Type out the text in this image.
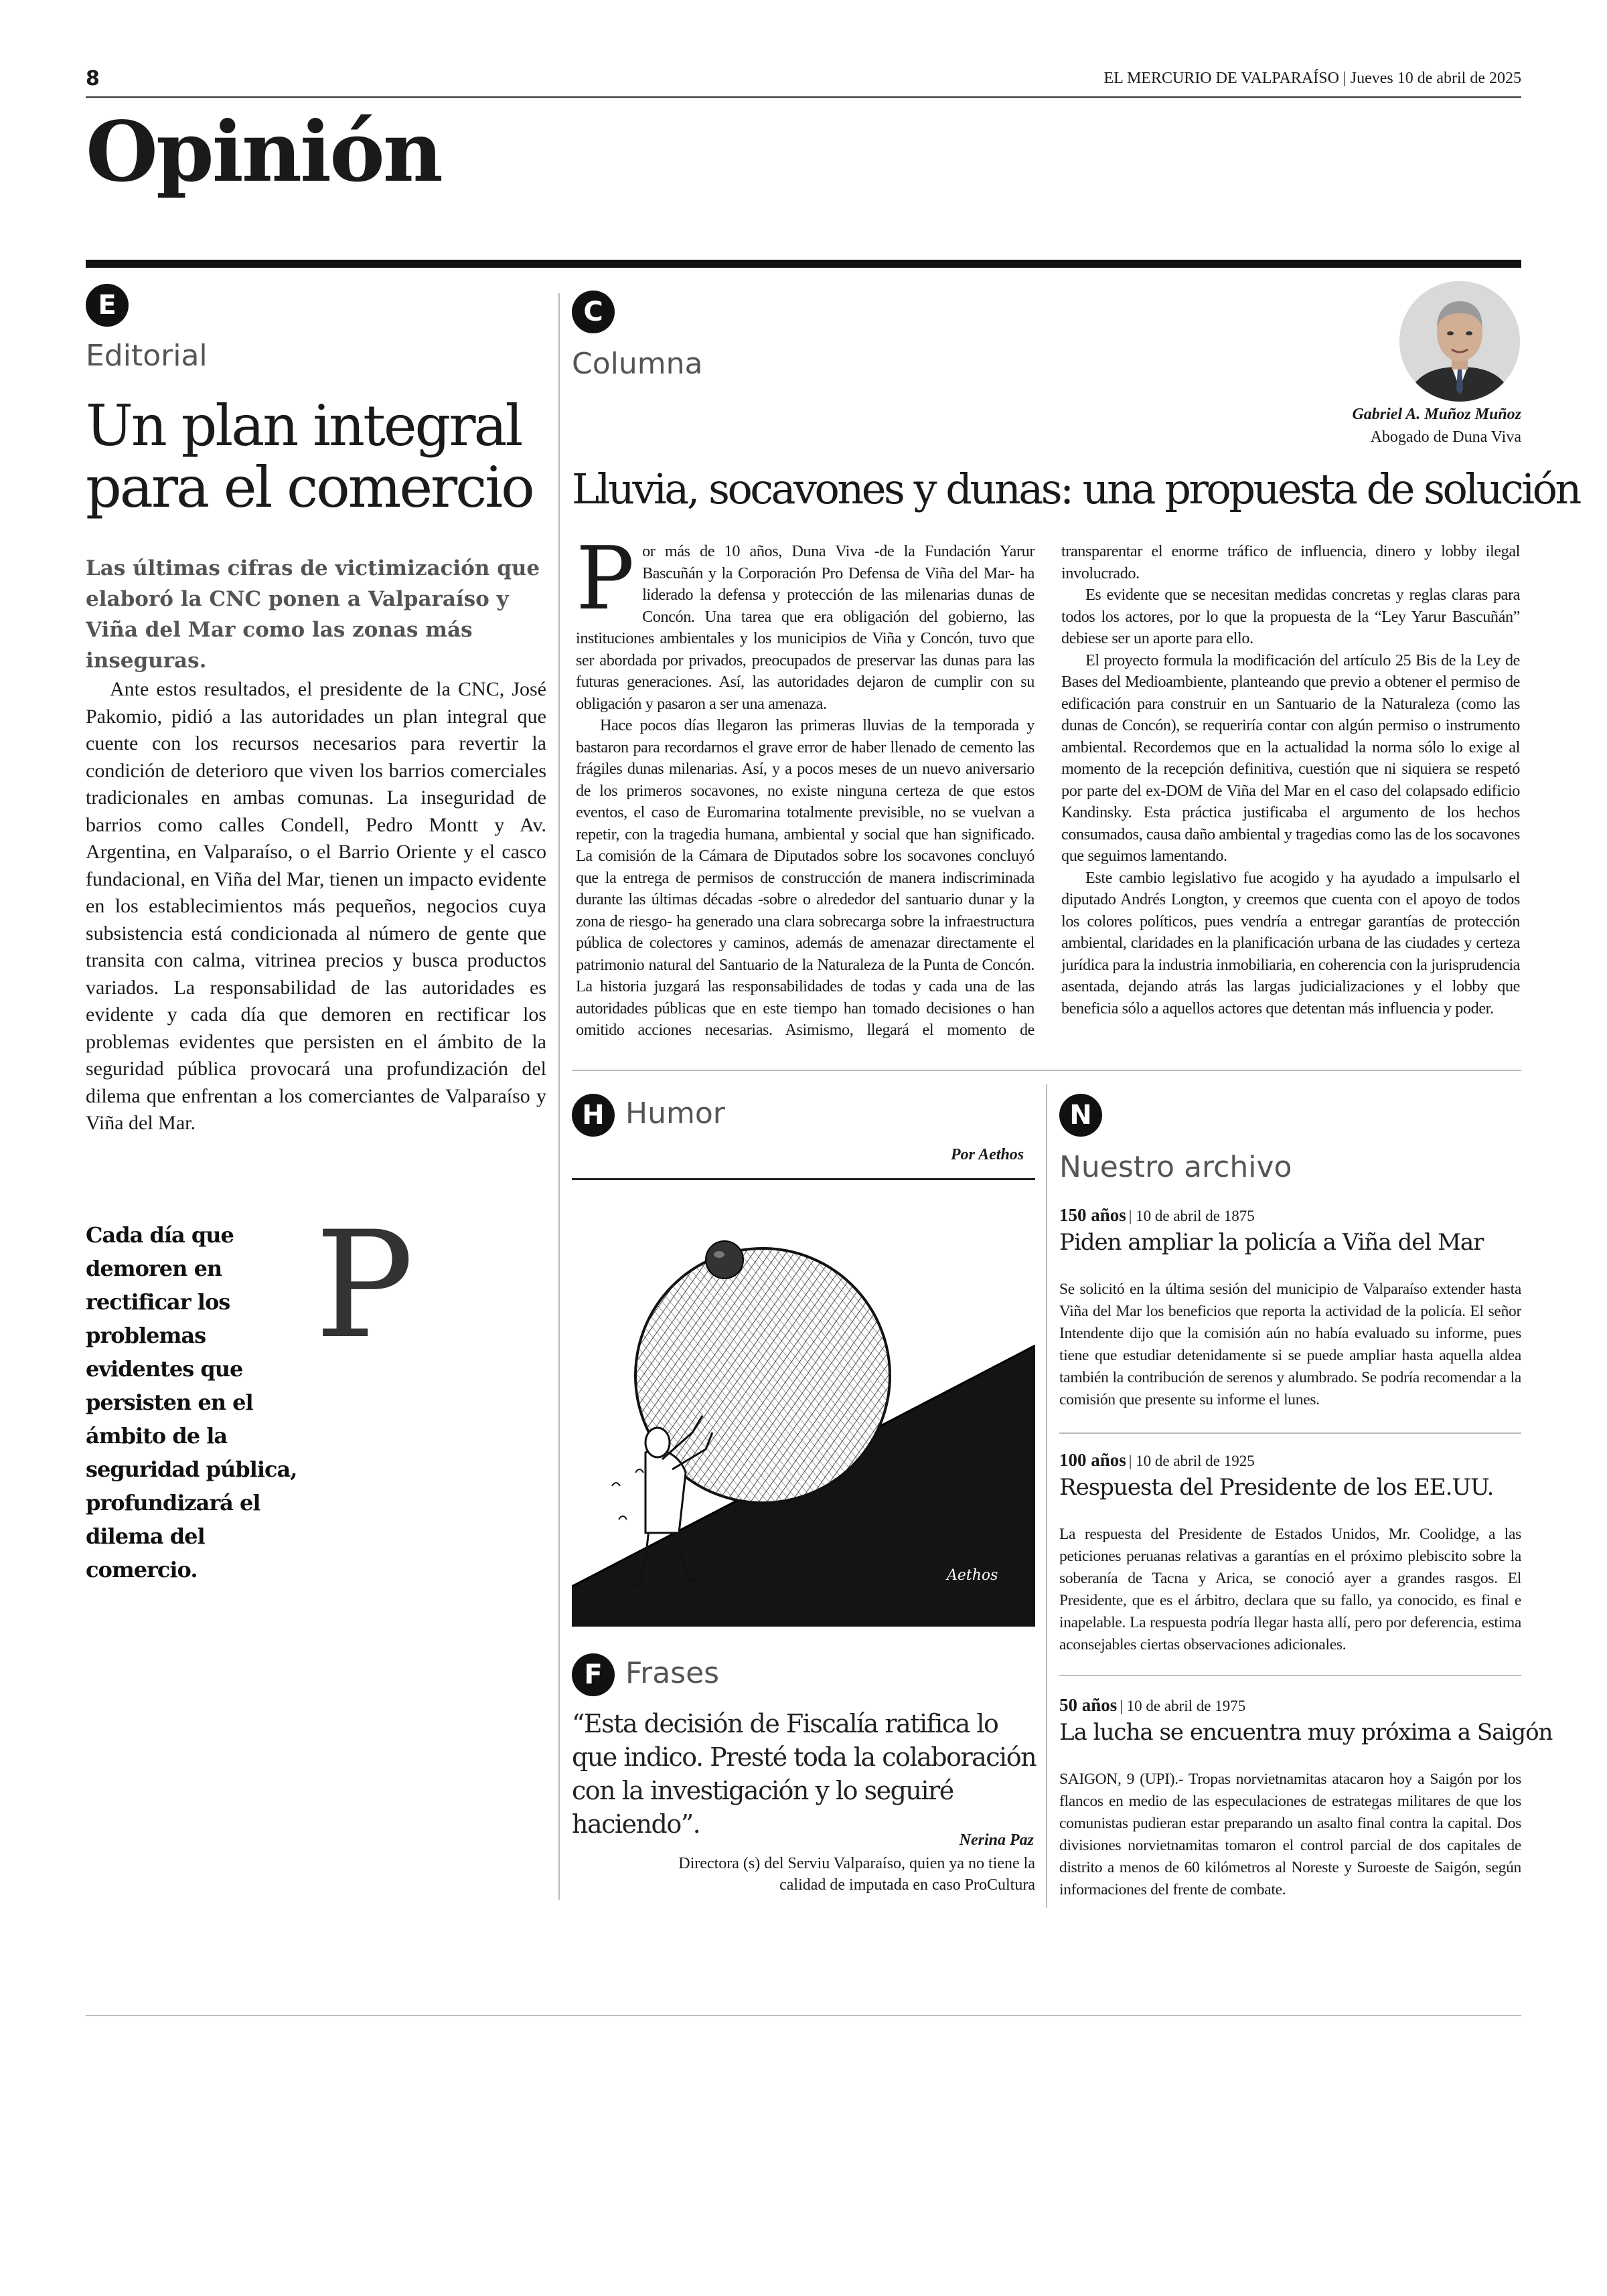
8	EL MERCURIO DE VALPARAÍSO | Jueves 10 de abril de 2025
Opinión
E
Editorial
Un plan integral para el comercio

Las últimas cifras de victimización que elaboró la CNC ponen a Valparaíso y Viña del Mar como las zonas más inseguras.

Cada día que demoren en rectificar los problemas evidentes que persisten en el ámbito de la seguridad pública, profundizará el dilema del comercio.

P

Ante estos resultados, el presidente de la CNC, José Pakomio, pidió a las autoridades un plan integral que cuente con los recursos necesarios para revertir la condición de deterioro que viven los barrios comerciales tradicionales en ambas comunas. La inseguridad de barrios como calles Condell, Pedro Montt y Av. Argentina, en Valparaíso, o el Barrio Oriente y el casco fundacional, en Viña del Mar, tienen un impacto evidente en los establecimientos más pequeños, negocios cuya subsistencia está condicionada al número de gente que transita con calma, vitrinea precios y busca productos variados. La responsabilidad de las autoridades es evidente y cada día que demoren en rectificar los problemas evidentes que persisten en el ámbito de la seguridad pública provocará una profundización del dilema que enfrentan a los comerciantes de Valparaíso y Viña del Mar.

C
Columna
Gabriel A. Muñoz Muñoz
Abogado de Duna Viva
Lluvia, socavones y dunas: una propuesta de solución

Por más de 10 años, Duna Viva -de la Fundación Yarur Bascuñán y la Corporación Pro Defensa de Viña del Mar- ha liderado la defensa y protección de las milenarias dunas de Concón. Una tarea que era obligación del gobierno, las instituciones ambientales y los municipios de Viña y Concón, tuvo que ser abordada por privados, preocupados de preservar las dunas para las futuras generaciones. Así, las autoridades dejaron de cumplir con su obligación y pasaron a ser una amenaza.

Hace pocos días llegaron las primeras lluvias de la temporada y bastaron para recordarnos el grave error de haber llenado de cemento las frágiles dunas milenarias. Así, y a pocos meses de un nuevo aniversario de los primeros socavones, no existe ninguna certeza de que estos eventos, el caso de Euromarina totalmente previsible, no se vuelvan a repetir, con la tragedia humana, ambiental y social que han significado. La comisión de la Cámara de Diputados sobre los socavones concluyó que la entrega de permisos de construcción de manera indiscriminada durante las últimas décadas -sobre o alrededor del santuario dunar y la zona de riesgo- ha generado una clara sobrecarga sobre la infraestructura pública de colectores y caminos, además de amenazar directamente el patrimonio natural del Santuario de la Naturaleza de la Punta de Concón. La historia juzgará las responsabilidades de todas y cada una de las autoridades públicas que en este tiempo han tomado decisiones o han omitido acciones necesarias. Asimismo, llegará el momento de transparentar el enorme tráfico de influencia, dinero y lobby ilegal involucrado.

Es evidente que se necesitan medidas concretas y reglas claras para todos los actores, por lo que la propuesta de la “Ley Yarur Bascuñán” debiese ser un aporte para ello.

El proyecto formula la modificación del artículo 25 Bis de la Ley de Bases del Medioambiente, planteando que previo a obtener el permiso de edificación para construir en un Santuario de la Naturaleza (como las dunas de Concón), se requeriría contar con algún permiso o instrumento ambiental. Recordemos que en la actualidad la norma sólo lo exige al momento de la recepción definitiva, cuestión que ni siquiera se respetó por parte del ex-DOM de Viña del Mar en el caso del colapsado edificio Kandinsky. Esta práctica justificaba el argumento de los hechos consumados, causa daño ambiental y tragedias como las de los socavones que seguimos lamentando.

Este cambio legislativo fue acogido y ha ayudado a impulsarlo el diputado Andrés Longton, y creemos que cuenta con el apoyo de todos los colores políticos, pues vendría a entregar garantías de protección ambiental, claridades en la planificación urbana de las ciudades y certeza jurídica para la industria inmobiliaria, en coherencia con la jurisprudencia asentada, dejando atrás las largas judicializaciones y el lobby que beneficia sólo a aquellos actores que detentan más influencia y poder.

H Humor
Por Aethos
Aethos
F Frases

“Esta decisión de Fiscalía ratifica lo que indico. Presté toda la colaboración con la investigación y lo seguiré haciendo”.

Nerina Paz

Directora (s) del Serviu Valparaíso, quien ya no tiene la calidad de imputada en caso ProCultura

N
Nuestro archivo
150 años | 10 de abril de 1875
Piden ampliar la policía a Viña del Mar

Se solicitó en la última sesión del municipio de Valparaíso extender hasta Viña del Mar los beneficios que reporta la actividad de la policía. El señor Intendente dijo que la comisión aún no había evaluado su informe, pues tiene que estudiar detenidamente si se puede ampliar hasta aquella aldea también la contribución de serenos y alumbrado. Se podría recomendar a la comisión que presente su informe el lunes.

100 años | 10 de abril de 1925
Respuesta del Presidente de los EE.UU.

La respuesta del Presidente de Estados Unidos, Mr. Coolidge, a las peticiones peruanas relativas a garantías en el próximo plebiscito sobre la soberanía de Tacna y Arica, se conoció ayer a grandes rasgos. El Presidente, que es el árbitro, declara que su fallo, ya conocido, es final e inapelable. La respuesta podría llegar hasta allí, pero por deferencia, estima aconsejables ciertas observaciones adicionales.

50 años | 10 de abril de 1975
La lucha se encuentra muy próxima a Saigón

SAIGON, 9 (UPI).- Tropas norvietnamitas atacaron hoy a Saigón por los flancos en medio de las especulaciones de estrategas militares de que los comunistas pudieran estar preparando un asalto final contra la capital. Dos divisiones norvietnamitas tomaron el control parcial de dos capitales de distrito a menos de 60 kilómetros al Noreste y Suroeste de Saigón, según informaciones del frente de combate.
